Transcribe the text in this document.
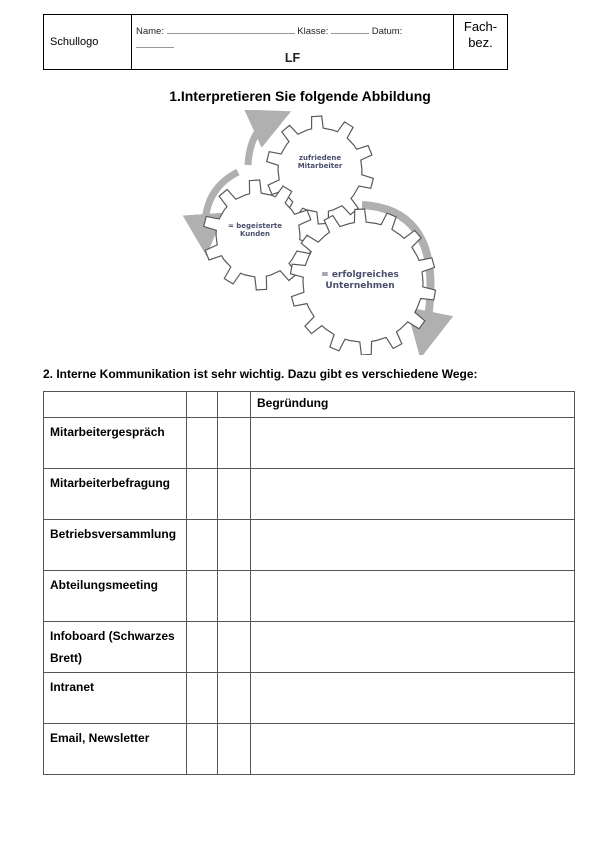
Schullogo
Name:	Klasse:	Datum:
LF
Fach-
bez.
1.Interpretieren Sie folgende Abbildung
zufriedene Mitarbeiter
= begeisterte Kunden
= erfolgreiches Unternehmen
2. Interne Kommunikation ist sehr wichtig. Dazu gibt es verschiedene Wege:
			Begründung
Mitarbeitergespräch			
Mitarbeiterbefragung			
Betriebsversammlung			
Abteilungsmeeting			
Infoboard (Schwarzes Brett)			
Intranet			
Email, Newsletter			
